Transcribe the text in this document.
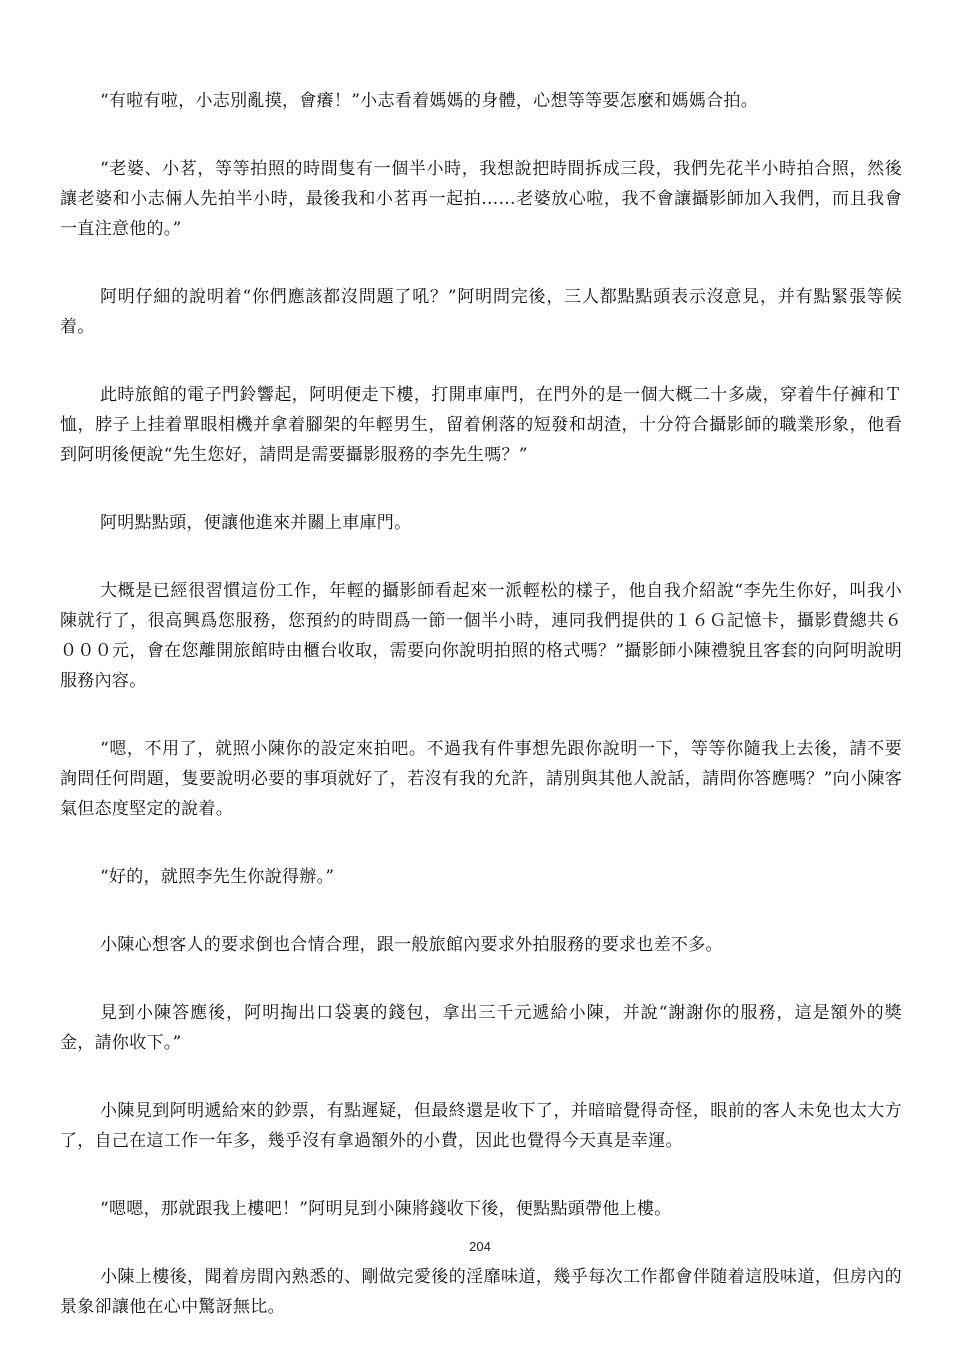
“有啦有啦，小志別亂摸，會癢！”小志看着媽媽的身體，心想等等要怎麼和媽媽合拍。

“老婆、小茗，等等拍照的時間隻有一個半小時，我想說把時間拆成三段，我們先花半小時拍合照，然後讓老婆和小志倆人先拍半小時，最後我和小茗再一起拍……老婆放心啦，我不會讓攝影師加入我們，而且我會一直注意他的。”

阿明仔細的說明着“你們應該都沒問題了吼？”阿明問完後，三人都點點頭表示沒意見，并有點緊張等候着。

此時旅館的電子門鈴響起，阿明便走下樓，打開車庫門，在門外的是一個大概二十多歲，穿着牛仔褲和Ｔ恤，脖子上挂着單眼相機并拿着腳架的年輕男生，留着俐落的短發和胡渣，十分符合攝影師的職業形象，他看到阿明後便說“先生您好，請問是需要攝影服務的李先生嗎？”

阿明點點頭，便讓他進來并關上車庫門。

大概是已經很習慣這份工作，年輕的攝影師看起來一派輕松的樣子，他自我介紹說“李先生你好，叫我小陳就行了，很高興爲您服務，您預約的時間爲一節一個半小時，連同我們提供的１６Ｇ記憶卡，攝影費總共６０００元，會在您離開旅館時由櫃台收取，需要向你說明拍照的格式嗎？”攝影師小陳禮貌且客套的向阿明說明服務內容。

“嗯，不用了，就照小陳你的設定來拍吧。不過我有件事想先跟你說明一下，等等你隨我上去後，請不要詢問任何問題，隻要說明必要的事項就好了，若沒有我的允許，請別與其他人說話，請問你答應嗎？”向小陳客氣但态度堅定的說着。

“好的，就照李先生你說得辦。”

小陳心想客人的要求倒也合情合理，跟一般旅館內要求外拍服務的要求也差不多。

見到小陳答應後，阿明掏出口袋裏的錢包，拿出三千元遞給小陳，并說“謝謝你的服務，這是額外的獎金，請你收下。”

小陳見到阿明遞給來的鈔票，有點遲疑，但最終還是收下了，并暗暗覺得奇怪，眼前的客人未免也太大方了，自己在這工作一年多，幾乎沒有拿過額外的小費，因此也覺得今天真是幸運。

“嗯嗯，那就跟我上樓吧！”阿明見到小陳將錢收下後，便點點頭帶他上樓。

小陳上樓後，聞着房間內熟悉的、剛做完愛後的淫靡味道，幾乎每次工作都會伴随着這股味道，但房內的景象卻讓他在心中驚訝無比。

204
